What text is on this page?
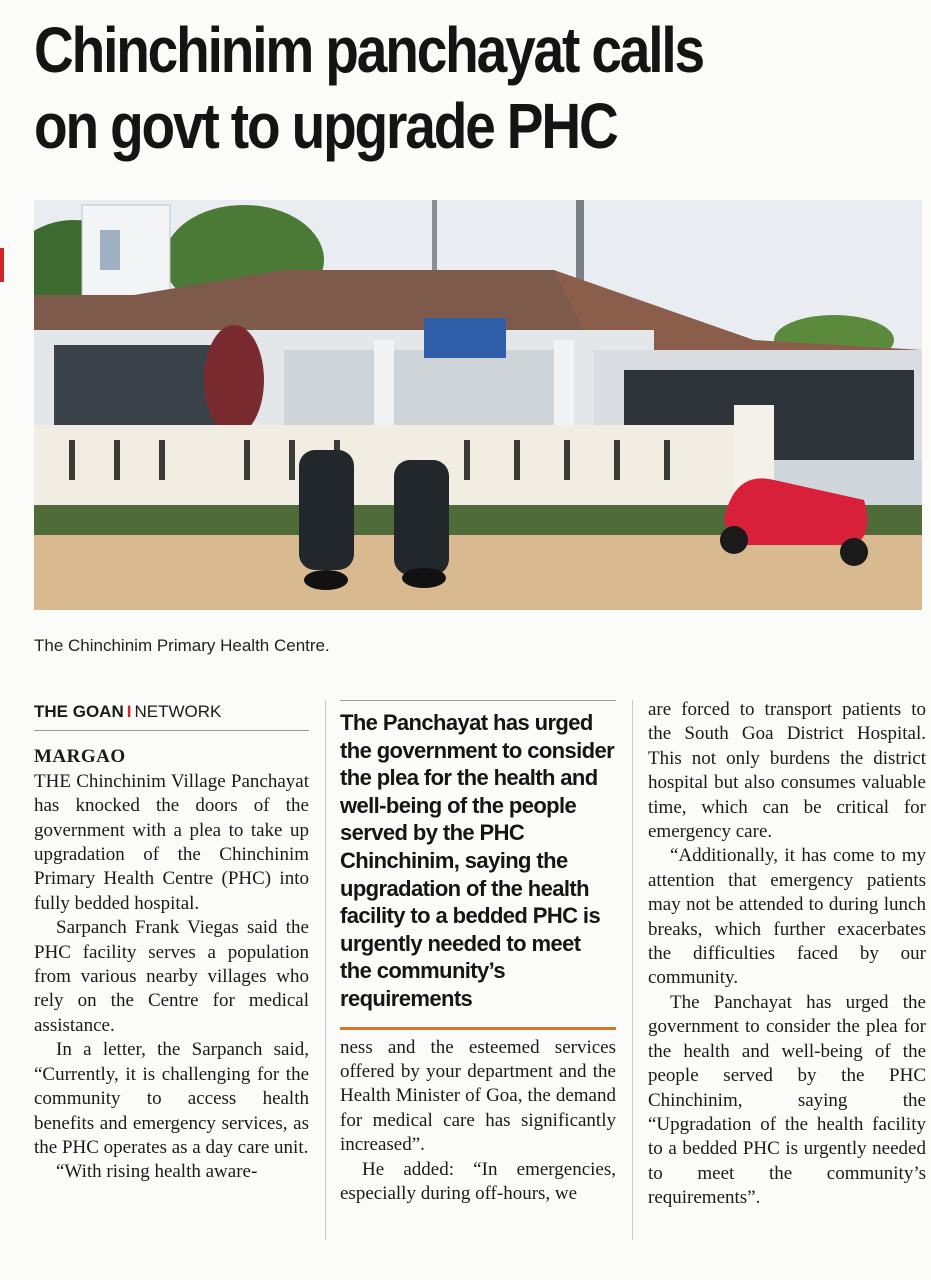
Chinchinim panchayat calls
on govt to upgrade PHC
The Chinchinim Primary Health Centre.
THE GOAN I NETWORK
MARGAO

THE Chinchinim Village Panchayat has knocked the doors of the government with a plea to take up upgradation of the Chinchinim Primary Health Centre (PHC) into fully bedded hospital.

Sarpanch Frank Viegas said the PHC facility serves a population from various nearby villages who rely on the Centre for medical assistance.

In a letter, the Sarpanch said, “Currently, it is challenging for the community to access health benefits and emergency services, as the PHC operates as a day care unit.

“With rising health aware-

The Panchayat has urged the government to consider the plea for the health and well-being of the people served by the PHC Chinchinim, saying the upgradation of the health facility to a bedded PHC is urgently needed to meet the community’s requirements

ness and the esteemed services offered by your department and the Health Minister of Goa, the demand for medical care has significantly increased”.

He added: “In emergencies, especially during off-hours, we

are forced to transport patients to the South Goa District Hospital. This not only burdens the district hospital but also consumes valuable time, which can be critical for emergency care.

“Additionally, it has come to my attention that emergency patients may not be attended to during lunch breaks, which further exacerbates the difficulties faced by our community.

The Panchayat has urged the government to consider the plea for the health and well-being of the people served by the PHC Chinchinim, saying the “Upgradation of the health facility to a bedded PHC is urgently needed to meet the community’s requirements”.
